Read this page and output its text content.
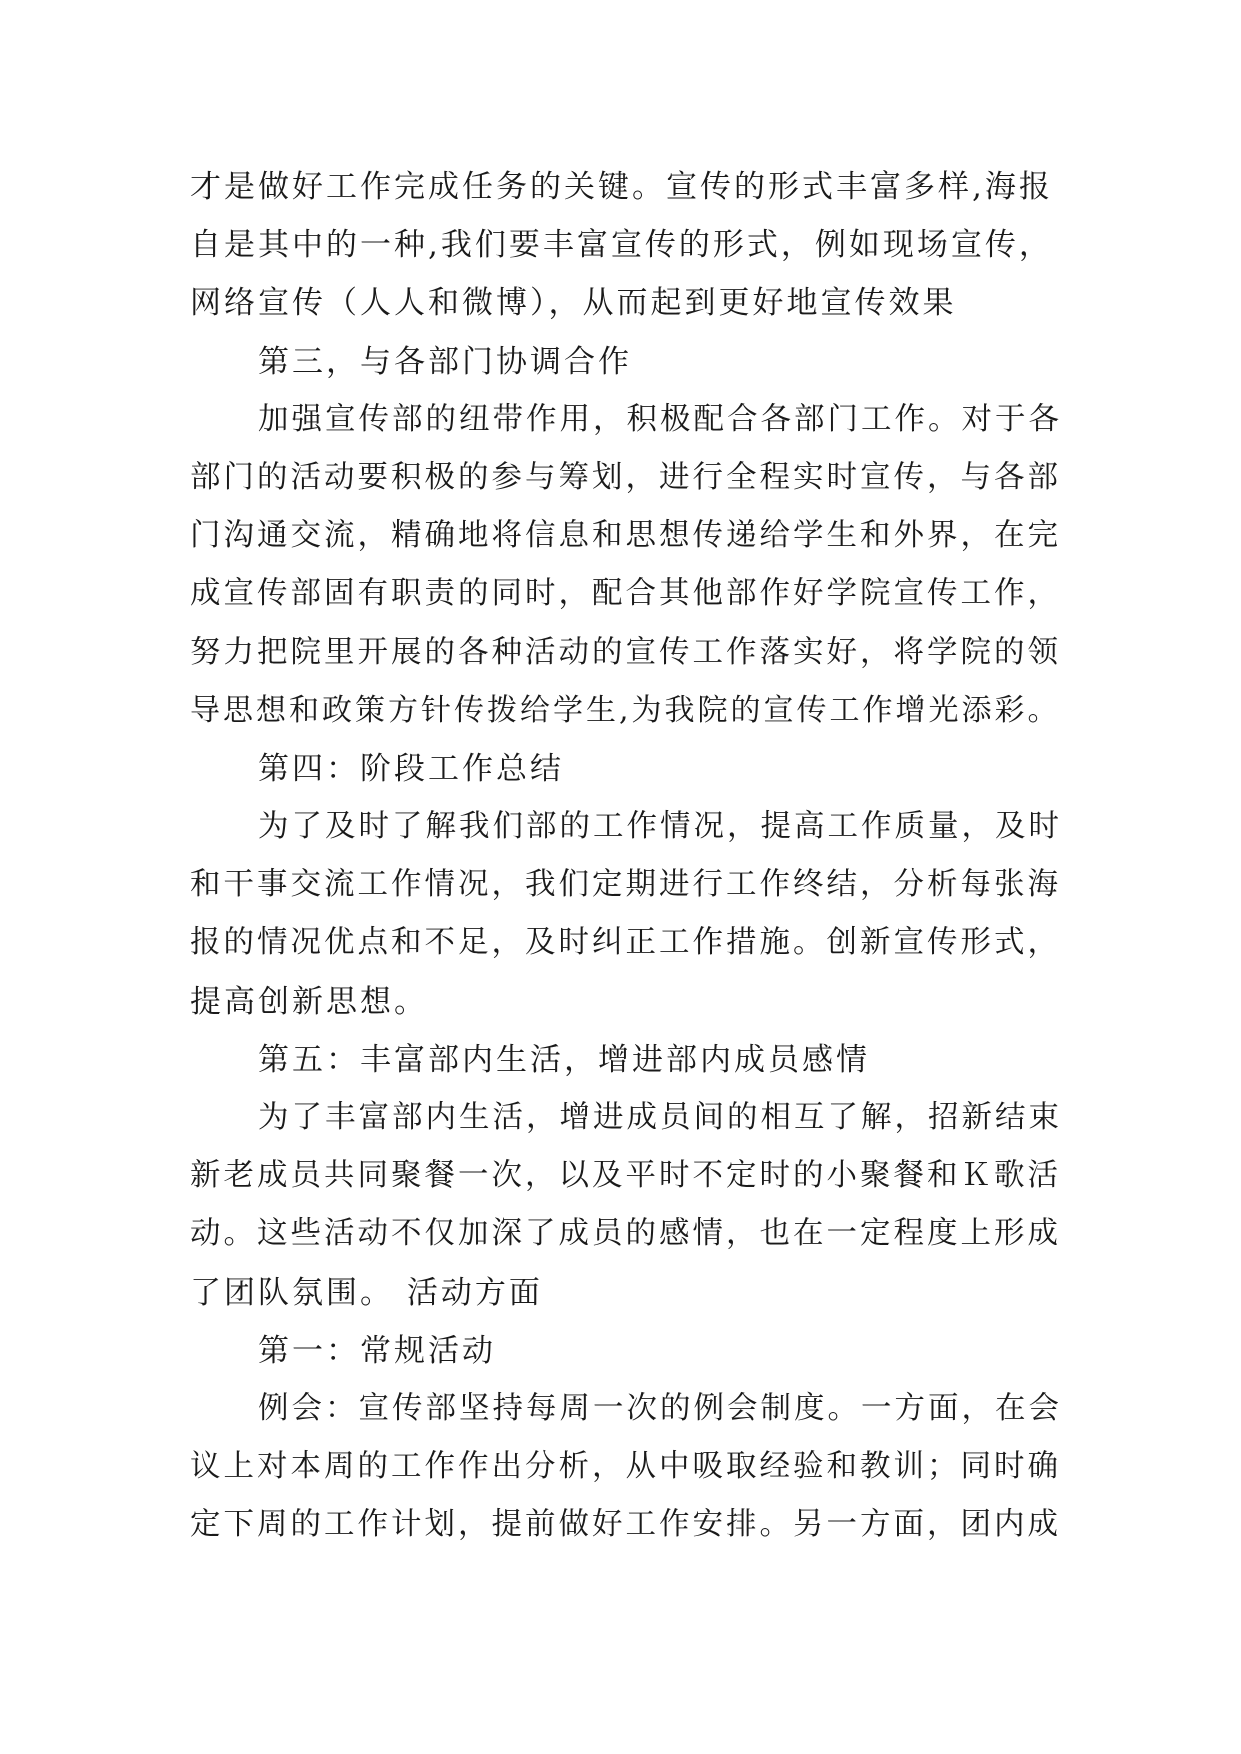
才是做好工作完成任务的关键。宣传的形式丰富多样,海报
自是其中的一种,我们要丰富宣传的形式，例如现场宣传，
网络宣传（人人和微博），从而起到更好地宣传效果
第三，与各部门协调合作
加强宣传部的纽带作用，积极配合各部门工作。对于各
部门的活动要积极的参与筹划，进行全程实时宣传，与各部
门沟通交流，精确地将信息和思想传递给学生和外界，在完
成宣传部固有职责的同时，配合其他部作好学院宣传工作，
努力把院里开展的各种活动的宣传工作落实好，将学院的领
导思想和政策方针传拨给学生,为我院的宣传工作增光添彩。
第四：阶段工作总结
为了及时了解我们部的工作情况，提高工作质量，及时
和干事交流工作情况，我们定期进行工作终结，分析每张海
报的情况优点和不足，及时纠正工作措施。创新宣传形式，
提高创新思想。
第五：丰富部内生活，增进部内成员感情
为了丰富部内生活，增进成员间的相互了解，招新结束
新老成员共同聚餐一次，以及平时不定时的小聚餐和Ｋ歌活
动。这些活动不仅加深了成员的感情，也在一定程度上形成
了团队氛围。 活动方面
第一：常规活动
例会：宣传部坚持每周一次的例会制度。一方面，在会
议上对本周的工作作出分析，从中吸取经验和教训；同时确
定下周的工作计划，提前做好工作安排。另一方面，团内成
